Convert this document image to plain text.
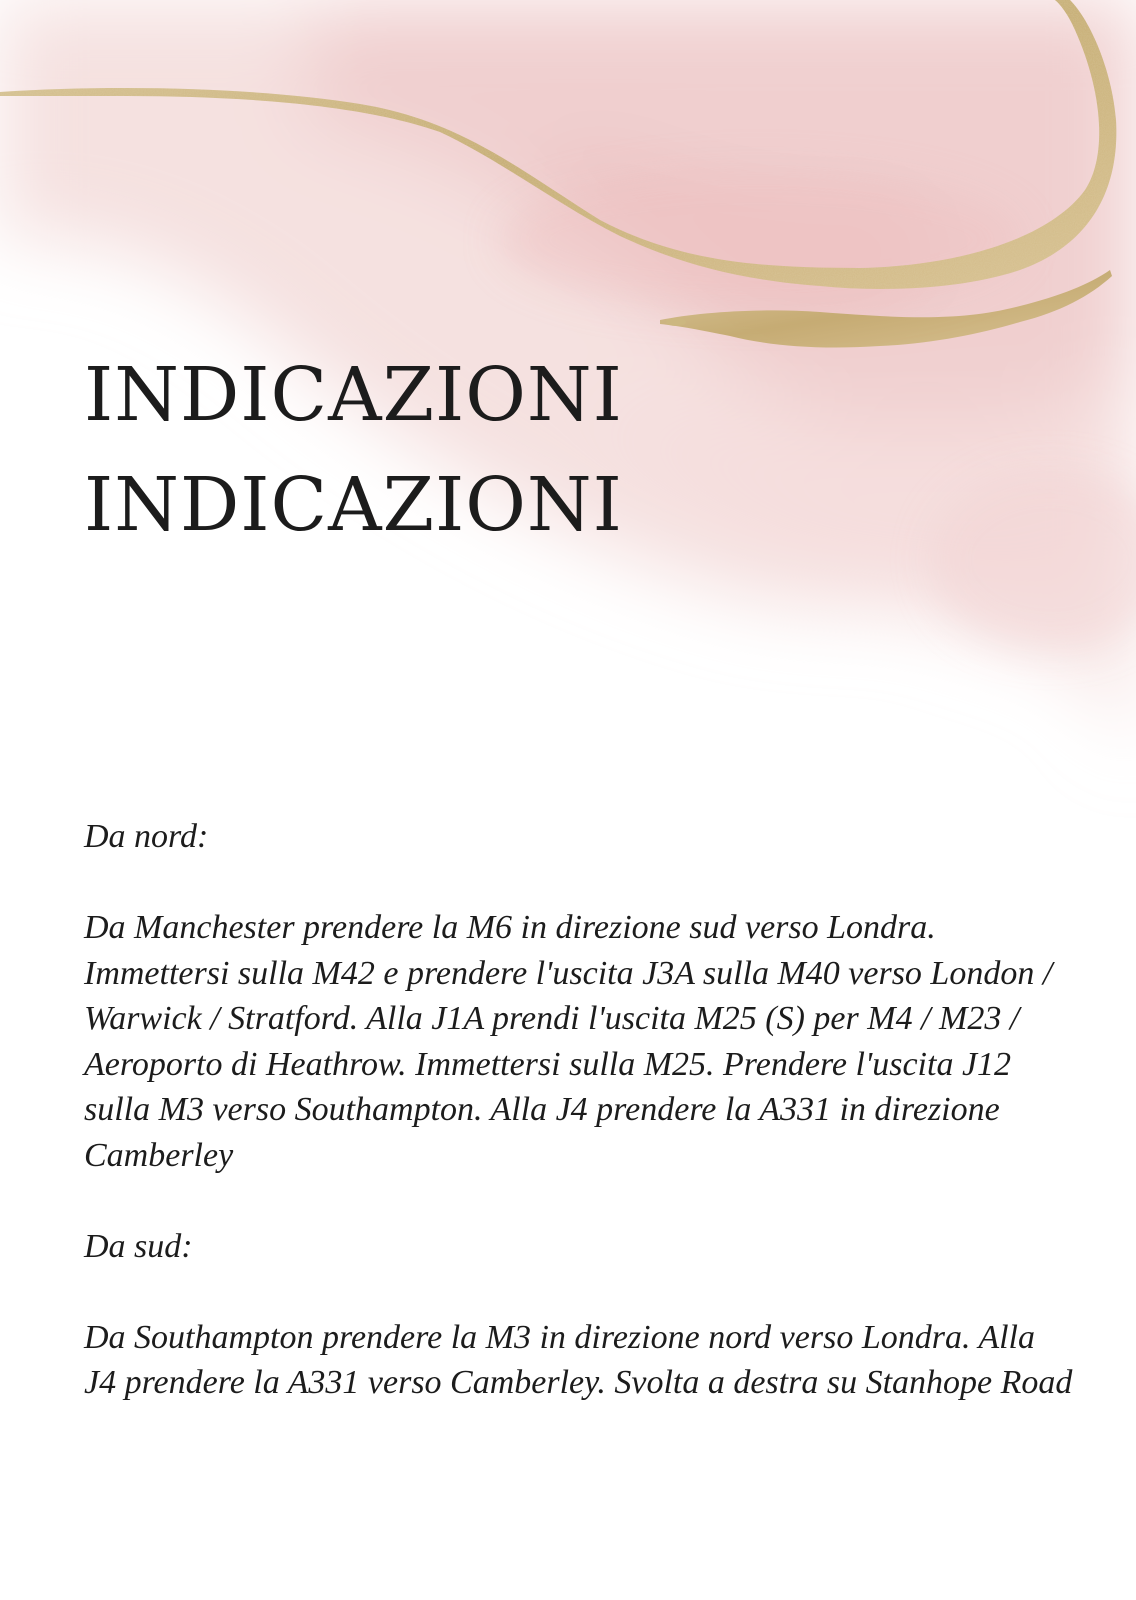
INDICAZIONI
INDICAZIONI
Da nord:
Da Manchester prendere la M6 in direzione sud verso Londra. Immettersi sulla M42 e prendere l'uscita J3A sulla M40 verso London / Warwick / Stratford. Alla J1A prendi l'uscita M25 (S) per M4 / M23 / Aeroporto di Heathrow. Immettersi sulla M25. Prendere l'uscita J12 sulla M3 verso Southampton. Alla J4 prendere la A331 in direzione Camberley
Da sud:
Da Southampton prendere la M3 in direzione nord verso Londra. Alla J4 prendere la A331 verso Camberley. Svolta a destra su Stanhope Road
